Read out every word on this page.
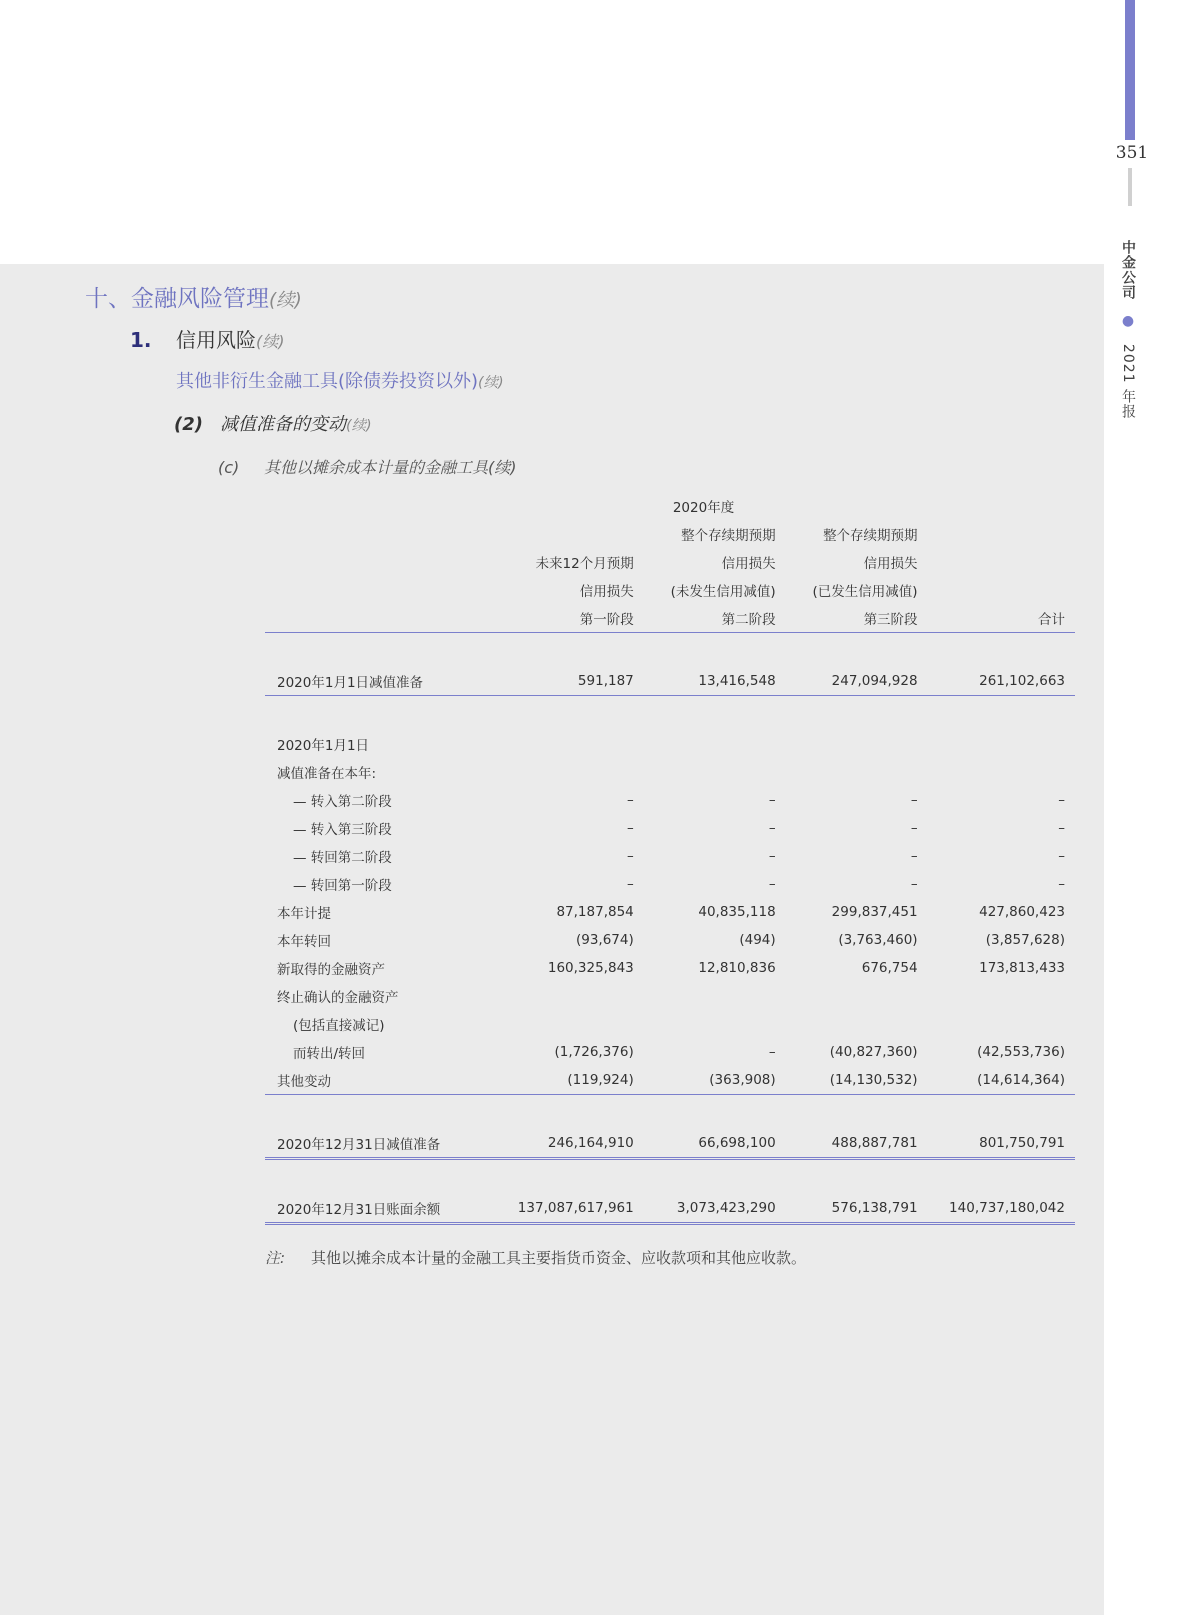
351
中金公司 ● 2021 年报
十、金融风险管理(续)
1. 信用风险(续)
其他非衍生金融工具(除债券投资以外)(续)
(2) 减值准备的变动(续)
(c) 其他以摊余成本计量的金融工具(续)
	2020年度			
		整个存续期预期	整个存续期预期	
	未来12个月预期	信用损失	信用损失	
	信用损失	(未发生信用减值)	(已发生信用减值)	
	第一阶段	第二阶段	第三阶段	合计

2020年1月1日减值准备	591,187	13,416,548	247,094,928	261,102,663

2020年1月1日				
减值准备在本年:				
— 转入第二阶段	–	–	–	–
— 转入第三阶段	–	–	–	–
— 转回第二阶段	–	–	–	–
— 转回第一阶段	–	–	–	–
本年计提	87,187,854	40,835,118	299,837,451	427,860,423
本年转回	(93,674)	(494)	(3,763,460)	(3,857,628)
新取得的金融资产	160,325,843	12,810,836	676,754	173,813,433
终止确认的金融资产				
(包括直接减记)				
而转出/转回	(1,726,376)	–	(40,827,360)	(42,553,736)
其他变动	(119,924)	(363,908)	(14,130,532)	(14,614,364)

2020年12月31日减值准备	246,164,910	66,698,100	488,887,781	801,750,791

2020年12月31日账面余额	137,087,617,961	3,073,423,290	576,138,791	140,737,180,042
注: 其他以摊余成本计量的金融工具主要指货币资金、应收款项和其他应收款。
